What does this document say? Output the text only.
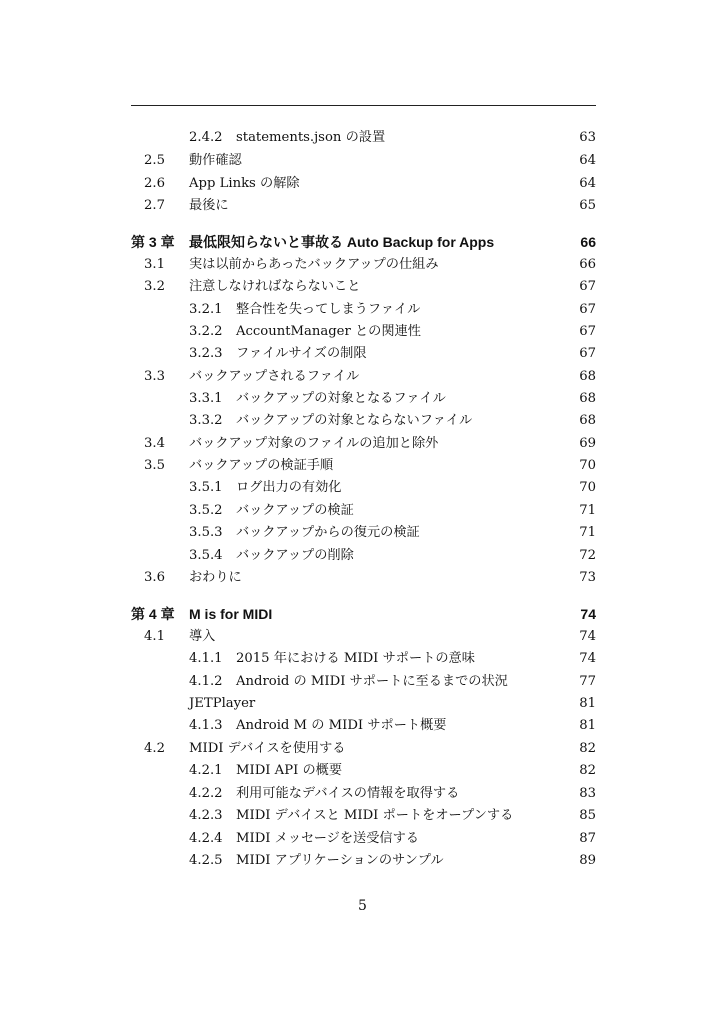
2.4.2 statements.json の設置	63
2.5 動作確認	64
2.6 App Links の解除	64
2.7 最後に	65
第 3 章 最低限知らないと事故る Auto Backup for Apps	66
3.1 実は以前からあったバックアップの仕組み	66
3.2 注意しなければならないこと	67
3.2.1 整合性を失ってしまうファイル	67
3.2.2 AccountManager との関連性	67
3.2.3 ファイルサイズの制限	67
3.3 バックアップされるファイル	68
3.3.1 バックアップの対象となるファイル	68
3.3.2 バックアップの対象とならないファイル	68
3.4 バックアップ対象のファイルの追加と除外	69
3.5 バックアップの検証手順	70
3.5.1 ログ出力の有効化	70
3.5.2 バックアップの検証	71
3.5.3 バックアップからの復元の検証	71
3.5.4 バックアップの削除	72
3.6 おわりに	73
第 4 章 M is for MIDI	74
4.1 導入	74
4.1.1 2015 年における MIDI サポートの意味	74
4.1.2 Android の MIDI サポートに至るまでの状況	77
JETPlayer	81
4.1.3 Android M の MIDI サポート概要	81
4.2 MIDI デバイスを使用する	82
4.2.1 MIDI API の概要	82
4.2.2 利用可能なデバイスの情報を取得する	83
4.2.3 MIDI デバイスと MIDI ポートをオープンする	85
4.2.4 MIDI メッセージを送受信する	87
4.2.5 MIDI アプリケーションのサンプル	89
5
